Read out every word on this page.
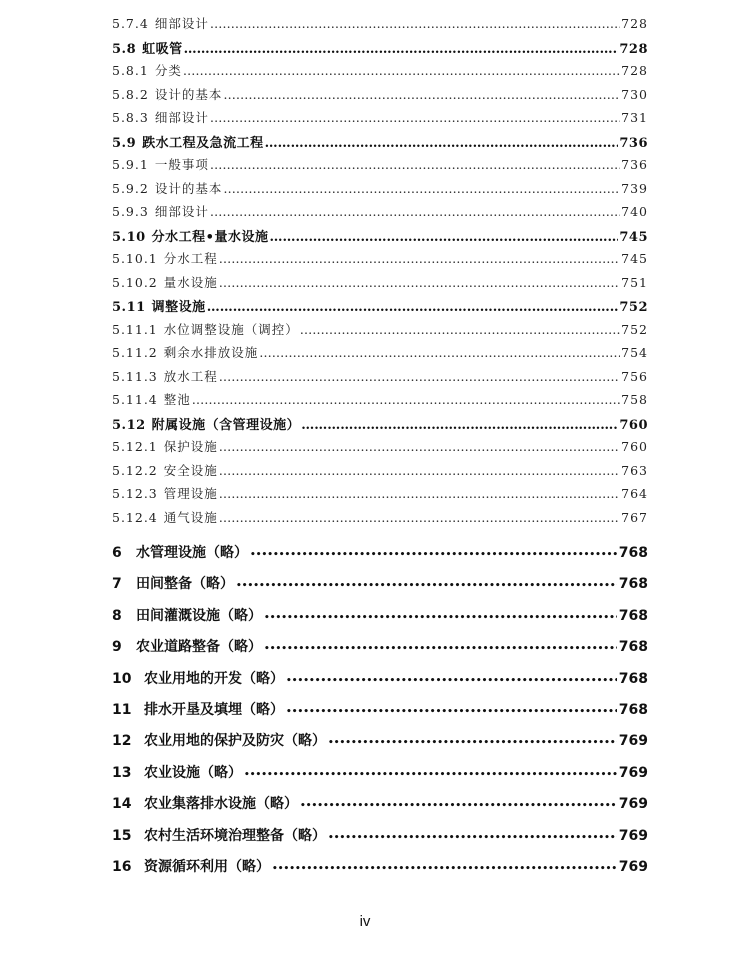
5.7.4 细部设计 ………………………………………………………………………………………………………………………………………………………………………………………………………………	728
5.8 虹吸管 ………………………………………………………………………………………………………………………………………………………………………………………………………………	728
5.8.1 分类 ………………………………………………………………………………………………………………………………………………………………………………………………………………	728
5.8.2 设计的基本 ………………………………………………………………………………………………………………………………………………………………………………………………………………	730
5.8.3 细部设计 ………………………………………………………………………………………………………………………………………………………………………………………………………………	731
5.9 跌水工程及急流工程 ………………………………………………………………………………………………………………………………………………………………………………………………………………	736
5.9.1 一般事项 ………………………………………………………………………………………………………………………………………………………………………………………………………………	736
5.9.2 设计的基本 ………………………………………………………………………………………………………………………………………………………………………………………………………………	739
5.9.3 细部设计 ………………………………………………………………………………………………………………………………………………………………………………………………………………	740
5.10 分水工程•量水设施 ………………………………………………………………………………………………………………………………………………………………………………………………………………	745
5.10.1 分水工程 ………………………………………………………………………………………………………………………………………………………………………………………………………………	745
5.10.2 量水设施 ………………………………………………………………………………………………………………………………………………………………………………………………………………	751
5.11 调整设施 ………………………………………………………………………………………………………………………………………………………………………………………………………………	752
5.11.1 水位调整设施（调控） ………………………………………………………………………………………………………………………………………………………………………………………………………………	752
5.11.2 剩余水排放设施 ………………………………………………………………………………………………………………………………………………………………………………………………………………	754
5.11.3 放水工程 ………………………………………………………………………………………………………………………………………………………………………………………………………………	756
5.11.4 整池 ………………………………………………………………………………………………………………………………………………………………………………………………………………	758
5.12 附属设施（含管理设施） ………………………………………………………………………………………………………………………………………………………………………………………………………………	760
5.12.1 保护设施 ………………………………………………………………………………………………………………………………………………………………………………………………………………	760
5.12.2 安全设施 ………………………………………………………………………………………………………………………………………………………………………………………………………………	763
5.12.3 管理设施 ………………………………………………………………………………………………………………………………………………………………………………………………………………	764
5.12.4 通气设施 ………………………………………………………………………………………………………………………………………………………………………………………………………………	767
6	水管理设施（略） •••••	768
7	田间整备（略） •••••	768
8	田间灌溉设施（略） •••••	768
9	农业道路整备（略） •••••	768
10 农业用地的开发（略） •••••	768
11 排水开垦及填埋（略） •••••	768
12 农业用地的保护及防灾（略） •••••	769
13 农业设施（略） •••••	769
14 农业集落排水设施（略） •••••	769
15 农村生活环境治理整备（略） •••••	769
16 资源循环利用（略） •••••	769
iv
